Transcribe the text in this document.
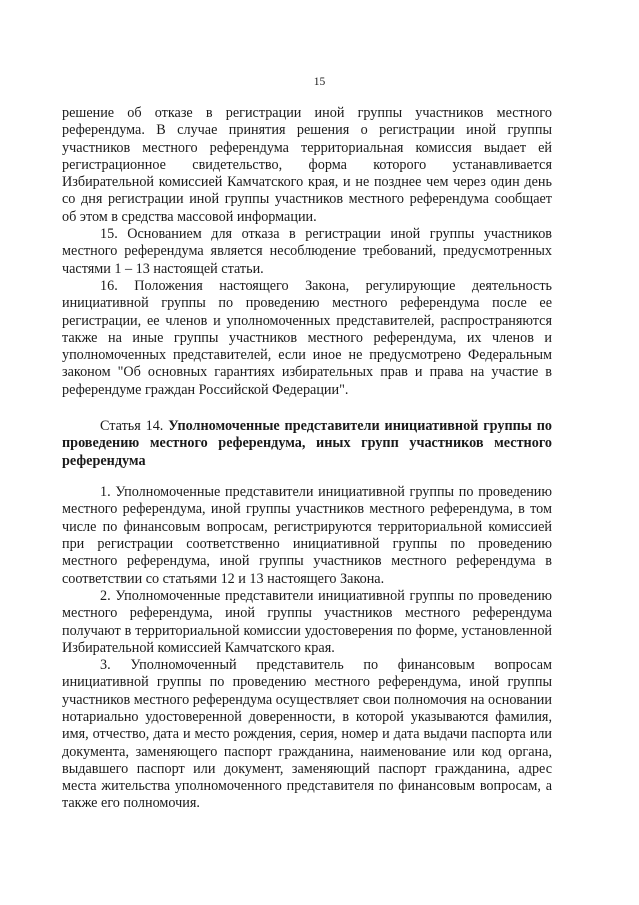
15

решение об отказе в регистрации иной группы участников местного референдума. В случае принятия решения о регистрации иной группы участников местного референдума территориальная комиссия выдает ей регистрационное свидетельство, форма которого устанавливается Избирательной комиссией Камчатского края, и не позднее чем через один день со дня регистрации иной группы участников местного референдума сообщает об этом в средства массовой информации.

15. Основанием для отказа в регистрации иной группы участников местного референдума является несоблюдение требований, предусмотренных частями 1 – 13 настоящей статьи.

16. Положения настоящего Закона, регулирующие деятельность инициативной группы по проведению местного референдума после ее регистрации, ее членов и уполномоченных представителей, распространяются также на иные группы участников местного референдума, их членов и уполномоченных представителей, если иное не предусмотрено Федеральным законом "Об основных гарантиях избирательных прав и права на участие в референдуме граждан Российской Федерации".

Статья 14. Уполномоченные представители инициативной группы по проведению местного референдума, иных групп участников местного референдума

1. Уполномоченные представители инициативной группы по проведению местного референдума, иной группы участников местного референдума, в том числе по финансовым вопросам, регистрируются территориальной комиссией при регистрации соответственно инициативной группы по проведению местного референдума, иной группы участников местного референдума в соответствии со статьями 12 и 13 настоящего Закона.

2. Уполномоченные представители инициативной группы по проведению местного референдума, иной группы участников местного референдума получают в территориальной комиссии удостоверения по форме, установленной Избирательной комиссией Камчатского края.

3. Уполномоченный представитель по финансовым вопросам инициативной группы по проведению местного референдума, иной группы участников местного референдума осуществляет свои полномочия на основании нотариально удостоверенной доверенности, в которой указываются фамилия, имя, отчество, дата и место рождения, серия, номер и дата выдачи паспорта или документа, заменяющего паспорт гражданина, наименование или код органа, выдавшего паспорт или документ, заменяющий паспорт гражданина, адрес места жительства уполномоченного представителя по финансовым вопросам, а также его полномочия.
